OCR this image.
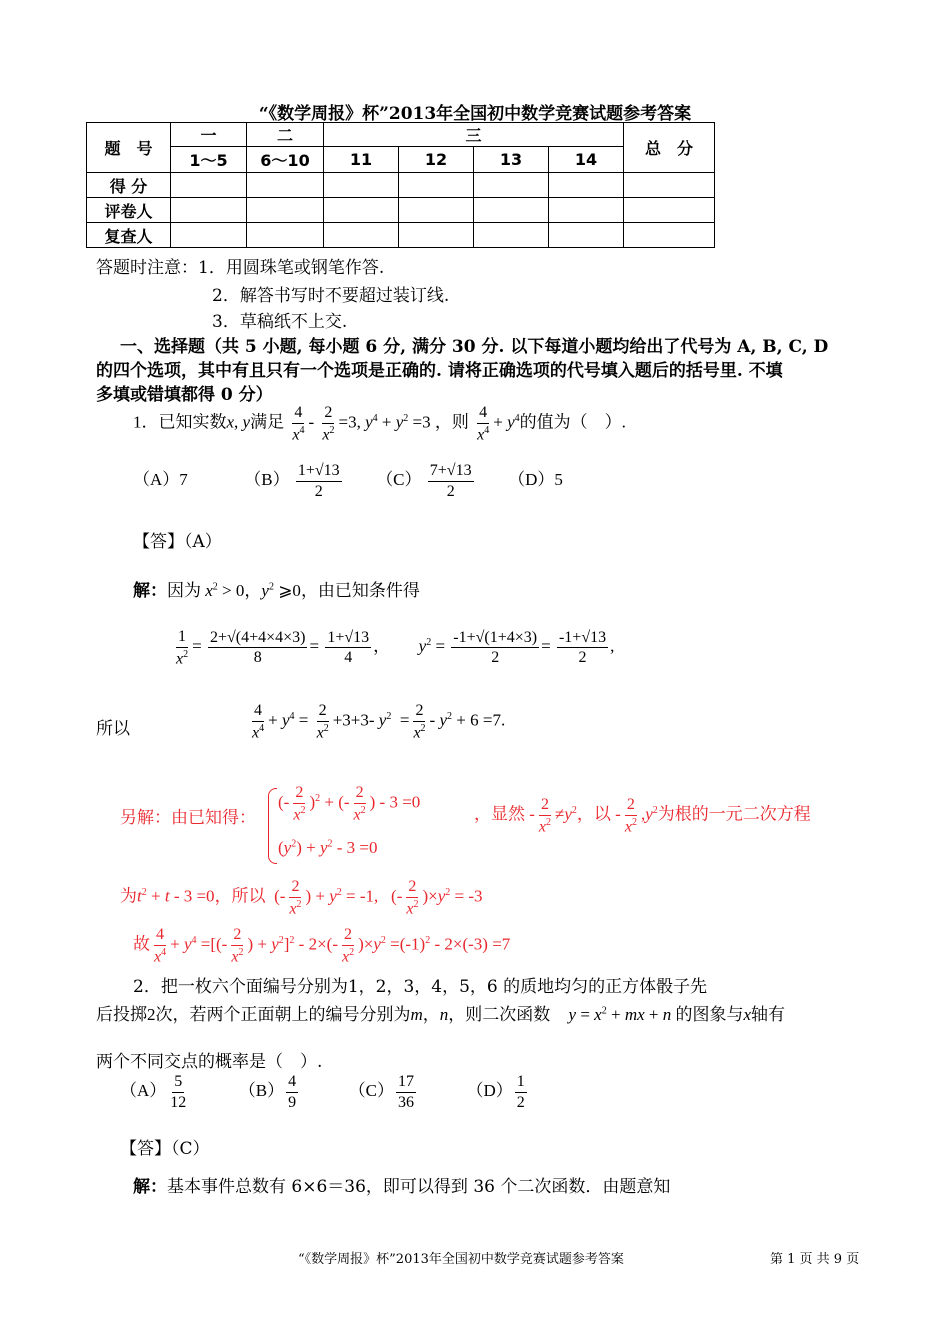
“《数学周报》杯”2013年全国初中数学竞赛试题参考答案
题　号	一	二	三				总　分
	1～5	6～10	11	12	13	14	
得 分							
评卷人							
复查人							
答题时注意：1．用圆珠笔或钢笔作答.
2．解答书写时不要超过装订线.
3．草稿纸不上交.
一、选择题（共 5 小题, 每小题 6 分, 满分 30 分. 以下每道小题均给出了代号为 A, B, C, D
的四个选项，其中有且只有一个选项是正确的. 请将正确选项的代号填入题后的括号里. 不填
多填或错填都得 0 分）
1．已知实数x, y满足 $\frac{4}{x^4} - \frac{2}{x^2} =3$, $y^4 + y^2 =3$ ，则 $\frac{4}{x^4} + y^4$的值为（　）.
（A）7	$(B) \frac{1+√13}{2} (C) \frac{7+√13}{2} (D)5$
【答】（A）
解：因为 $x^2 > 0$，$y^2$ ⩾0，由已知条件得
$\frac{1}{x^2} = \frac{2+√(4+4\times 4\times 3)}{8} = \frac{1+√13}{4}$ ，  $y^2 = \frac{-1+√(1+4\times 3)}{2} = \frac{-1+√13}{2}$ ,
所以	$\frac{4}{x^4} + y^4 = \frac{2}{x^2} +3+3-$ $y^2 = \frac{2}{x^2} - y^2 + 6 =7$.
另解：由已知得：
(- $\frac{2}{x^2} )^2$ + (- $\frac{2}{x^2}$ ) - 3 =0
$(y^2) + y^2 - 3 =0$
，显然 - $\frac{2}{x^2} \ne y^2$，以 - $\frac{2}{x^2} ,y^2$为根的一元二次方程
为$t^2 + t - 3 =0$，所以  (- $\frac{2}{x^2}$ ) + $y^2 = -1$,   (- $\frac{2}{x^2} )\times y^2 = -3$
故 $\frac{4}{x^4} + y^4$ =[(- $\frac{2}{x^2}$ ) + $y^2]^2 - 2\times(- \frac{2}{x^2} )\times y^2 =(-1)^2 - 2\times(-3) =7$
2．把一枚六个面编号分别为1，2，3，4，5，6 的质地均匀的正方体骰子先
后投掷2次，若两个正面朝上的编号分别为m，n，则二次函数 $y = x^2$ + mx + n 的图象与x轴有
两个不同交点的概率是（　）.
$(A) \frac{5}{12}$	$(B) \frac{4}{9}$	$(C) \frac{17}{36}$	$(D) \frac{1}{2}$
【答】（C）
解：基本事件总数有 6×6＝36，即可以得到 36 个二次函数．由题意知
“《数学周报》杯”2013年全国初中数学竞赛试题参考答案	第 1 页 共 9 页
